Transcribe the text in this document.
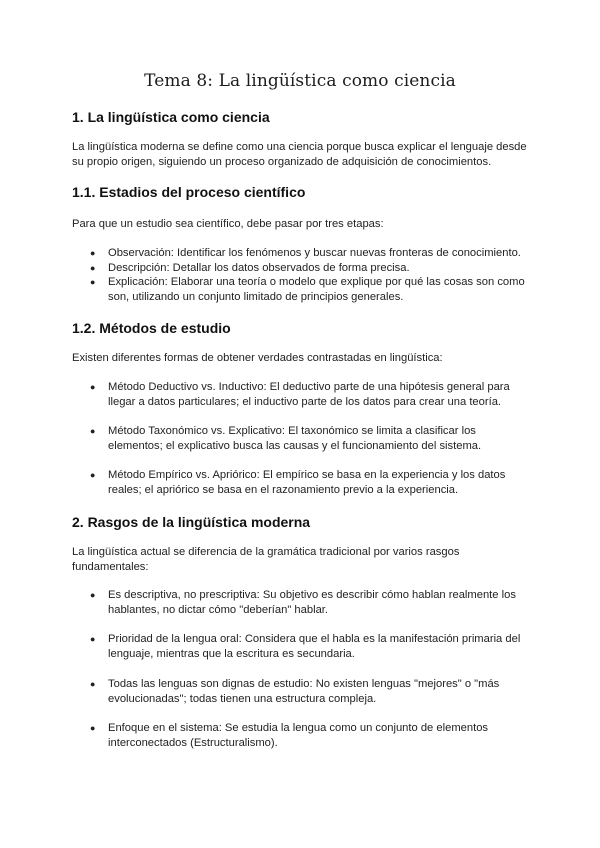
Tema 8: La lingüística como ciencia
1. La lingüística como ciencia

La lingüística moderna se define como una ciencia porque busca explicar el lenguaje desde su propio origen, siguiendo un proceso organizado de adquisición de conocimientos.

1.1. Estadios del proceso científico

Para que un estudio sea científico, debe pasar por tres etapas:

● Observación: Identificar los fenómenos y buscar nuevas fronteras de conocimiento.
● Descripción: Detallar los datos observados de forma precisa.
● Explicación: Elaborar una teoría o modelo que explique por qué las cosas son como son, utilizando un conjunto limitado de principios generales.
1.2. Métodos de estudio

Existen diferentes formas de obtener verdades contrastadas en lingüística:

● Método Deductivo vs. Inductivo: El deductivo parte de una hipótesis general para llegar a datos particulares; el inductivo parte de los datos para crear una teoría.
● Método Taxonómico vs. Explicativo: El taxonómico se limita a clasificar los elementos; el explicativo busca las causas y el funcionamiento del sistema.
● Método Empírico vs. Apriórico: El empírico se basa en la experiencia y los datos reales; el apriórico se basa en el razonamiento previo a la experiencia.
2. Rasgos de la lingüística moderna

La lingüística actual se diferencia de la gramática tradicional por varios rasgos fundamentales:

● Es descriptiva, no prescriptiva: Su objetivo es describir cómo hablan realmente los hablantes, no dictar cómo "deberían" hablar.
● Prioridad de la lengua oral: Considera que el habla es la manifestación primaria del lenguaje, mientras que la escritura es secundaria.
● Todas las lenguas son dignas de estudio: No existen lenguas "mejores" o "más evolucionadas"; todas tienen una estructura compleja.
● Enfoque en el sistema: Se estudia la lengua como un conjunto de elementos interconectados (Estructuralismo).
